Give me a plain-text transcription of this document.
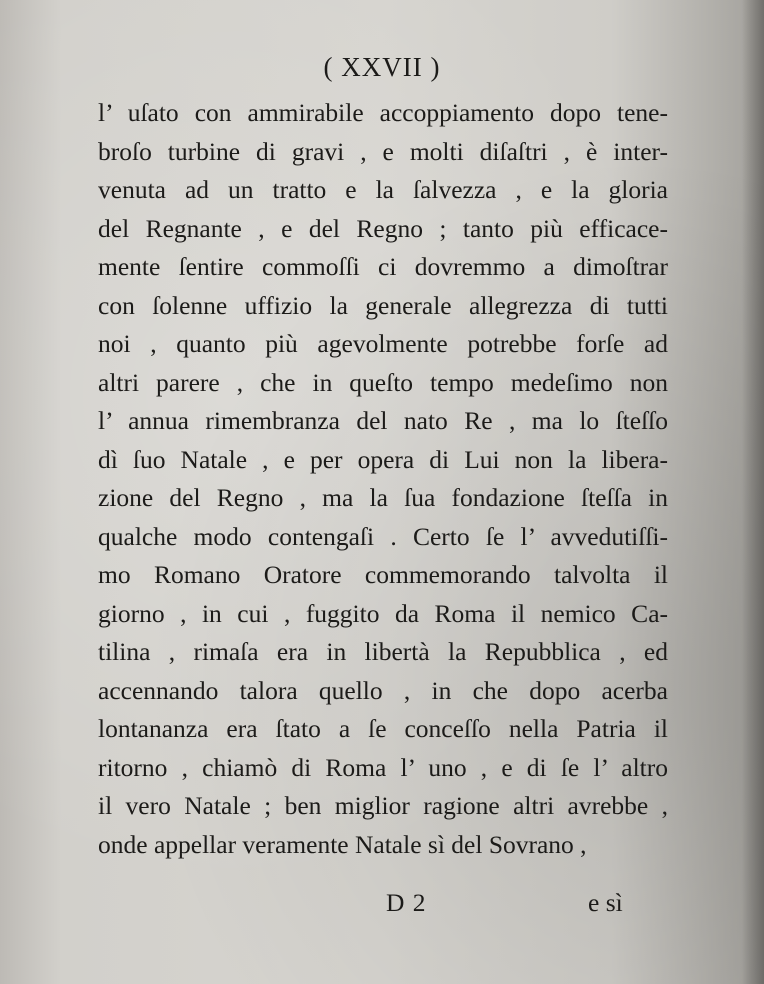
( XXVII )
l’ uſato con ammirabile accoppiamento dopo tene-
broſo turbine di gravi , e molti diſaſtri , è inter-
venuta ad un tratto e la ſalvezza , e la gloria
del Regnante , e del Regno ; tanto più efficace-
mente ſentire commoſſi ci dovremmo a dimoſtrar
con ſolenne uffizio la generale allegrezza di tutti
noi , quanto più agevolmente potrebbe forſe ad
altri parere , che in queſto tempo medeſimo non
l’ annua rimembranza del nato Re , ma lo ſteſſo
dì ſuo Natale , e per opera di Lui non la libera-
zione del Regno , ma la ſua fondazione ſteſſa in
qualche modo contengaſi . Certo ſe l’ avvedutiſſi-
mo Romano Oratore commemorando talvolta il
giorno , in cui , fuggito da Roma il nemico Ca-
tilina , rimaſa era in libertà la Repubblica , ed
accennando talora quello , in che dopo acerba
lontananza era ſtato a ſe conceſſo nella Patria il
ritorno , chiamò di Roma l’ uno , e di ſe l’ altro
il vero Natale ; ben miglior ragione altri avrebbe ,
onde appellar veramente Natale sì del Sovrano ,
D 2	e sì
